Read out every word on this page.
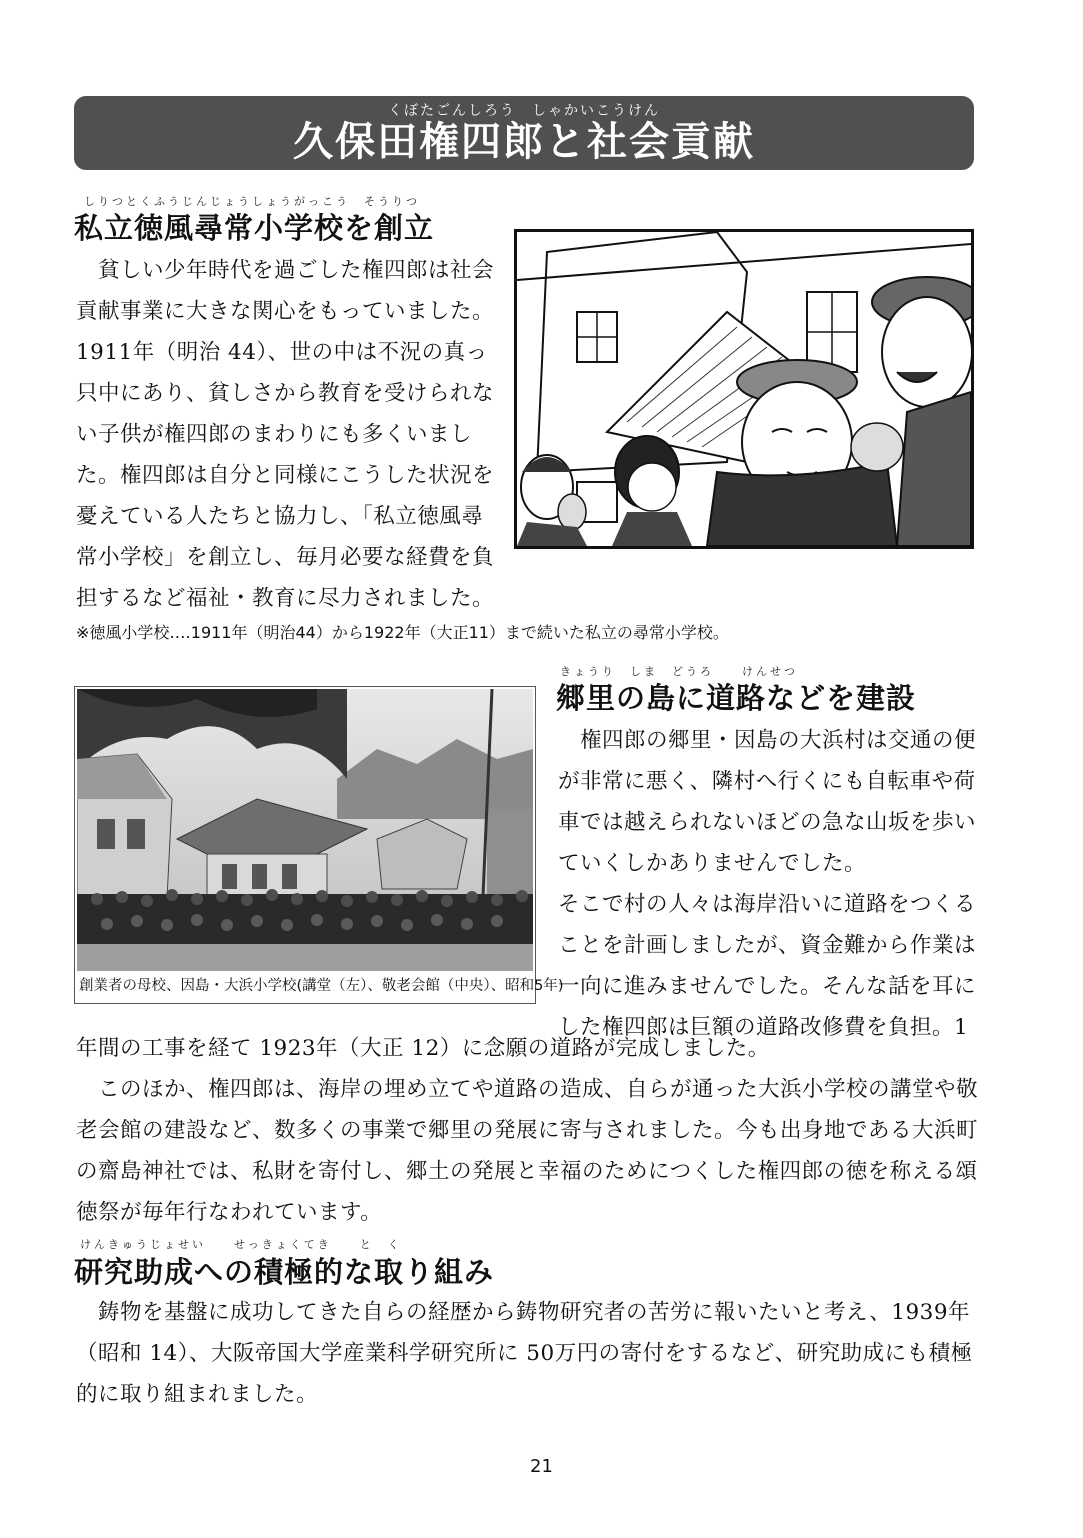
くぼたごんしろう　しゃかいこうけん
久保田権四郎と社会貢献
しりつとくふうじんじょうしょうがっこう　そうりつ
私立徳風尋常小学校を創立

　貧しい少年時代を過ごした権四郎は社会

貢献事業に大きな関心をもっていました。

1911年（明治 44）、世の中は不況の真っ

只中にあり、貧しさから教育を受けられな

い子供が権四郎のまわりにも多くいまし

た。権四郎は自分と同様にこうした状況を

憂えている人たちと協力し、「私立徳風尋

常小学校」を創立し、毎月必要な経費を負

担するなど福祉・教育に尽力されました。

※徳風小学校‥‥1911年（明治44）から1922年（大正11）まで続いた私立の尋常小学校。
創業者の母校、因島・大浜小学校(講堂（左）、敬老会館（中央）、昭和5年)
きょうり　しま　どうろ　　けんせつ
郷里の島に道路などを建設

　権四郎の郷里・因島の大浜村は交通の便

が非常に悪く、隣村へ行くにも自転車や荷

車では越えられないほどの急な山坂を歩い

ていくしかありませんでした。

そこで村の人々は海岸沿いに道路をつくる

ことを計画しましたが、資金難から作業は

一向に進みませんでした。そんな話を耳に

した権四郎は巨額の道路改修費を負担。1

年間の工事を経て 1923年（大正 12）に念願の道路が完成しました。

　このほか、権四郎は、海岸の埋め立てや道路の造成、自らが通った大浜小学校の講堂や敬

老会館の建設など、数多くの事業で郷里の発展に寄与されました。今も出身地である大浜町

の齋島神社では、私財を寄付し、郷土の発展と幸福のためにつくした権四郎の徳を称える頌

徳祭が毎年行なわれています。

けんきゅうじょせい　　せっきょくてき　　と　く
研究助成への積極的な取り組み

　鋳物を基盤に成功してきた自らの経歴から鋳物研究者の苦労に報いたいと考え、1939年

（昭和 14）、大阪帝国大学産業科学研究所に 50万円の寄付をするなど、研究助成にも積極

的に取り組まれました。

21
